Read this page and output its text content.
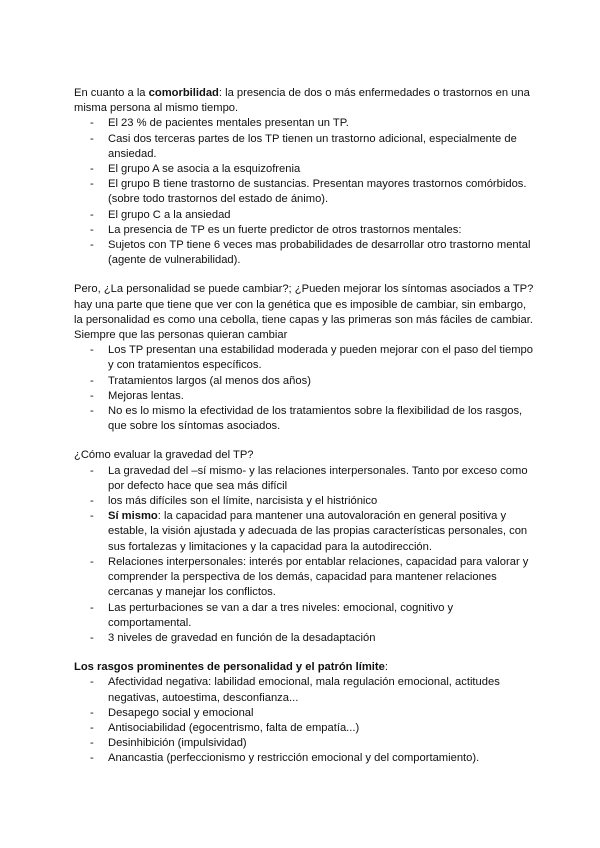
En cuanto a la comorbilidad: la presencia de dos o más enfermedades o trastornos en una misma persona al mismo tiempo.

- El 23 % de pacientes mentales presentan un TP.
- Casi dos terceras partes de los TP tienen un trastorno adicional, especialmente de ansiedad.
- El grupo A se asocia a la esquizofrenia
- El grupo B tiene trastorno de sustancias. Presentan mayores trastornos comórbidos. (sobre todo trastornos del estado de ánimo).
- El grupo C a la ansiedad
- La presencia de TP es un fuerte predictor de otros trastornos mentales:
- Sujetos con TP tiene 6 veces mas probabilidades de desarrollar otro trastorno mental (agente de vulnerabilidad).

Pero, ¿La personalidad se puede cambiar?; ¿Pueden mejorar los síntomas asociados a TP? hay una parte que tiene que ver con la genética que es imposible de cambiar, sin embargo, la personalidad es como una cebolla, tiene capas y las primeras son más fáciles de cambiar. Siempre que las personas quieran cambiar

- Los TP presentan una estabilidad moderada y pueden mejorar con el paso del tiempo y con tratamientos específicos.
- Tratamientos largos (al menos dos años)
- Mejoras lentas.
- No es lo mismo la efectividad de los tratamientos sobre la flexibilidad de los rasgos, que sobre los síntomas asociados.

¿Cómo evaluar la gravedad del TP?

- La gravedad del –sí mismo- y las relaciones interpersonales. Tanto por exceso como por defecto hace que sea más difícil
- los más difíciles son el límite, narcisista y el histriónico
- Sí mismo: la capacidad para mantener una autovaloración en general positiva y estable, la visión ajustada y adecuada de las propias características personales, con sus fortalezas y limitaciones y la capacidad para la autodirección.
- Relaciones interpersonales: interés por entablar relaciones, capacidad para valorar y comprender la perspectiva de los demás, capacidad para mantener relaciones cercanas y manejar los conflictos.
- Las perturbaciones se van a dar a tres niveles: emocional, cognitivo y comportamental.
- 3 niveles de gravedad en función de la desadaptación

Los rasgos prominentes de personalidad y el patrón límite:

- Afectividad negativa: labilidad emocional, mala regulación emocional, actitudes negativas, autoestima, desconfianza...
- Desapego social y emocional
- Antisociabilidad (egocentrismo, falta de empatía...)
- Desinhibición (impulsividad)
- Anancastia (perfeccionismo y restricción emocional y del comportamiento).
